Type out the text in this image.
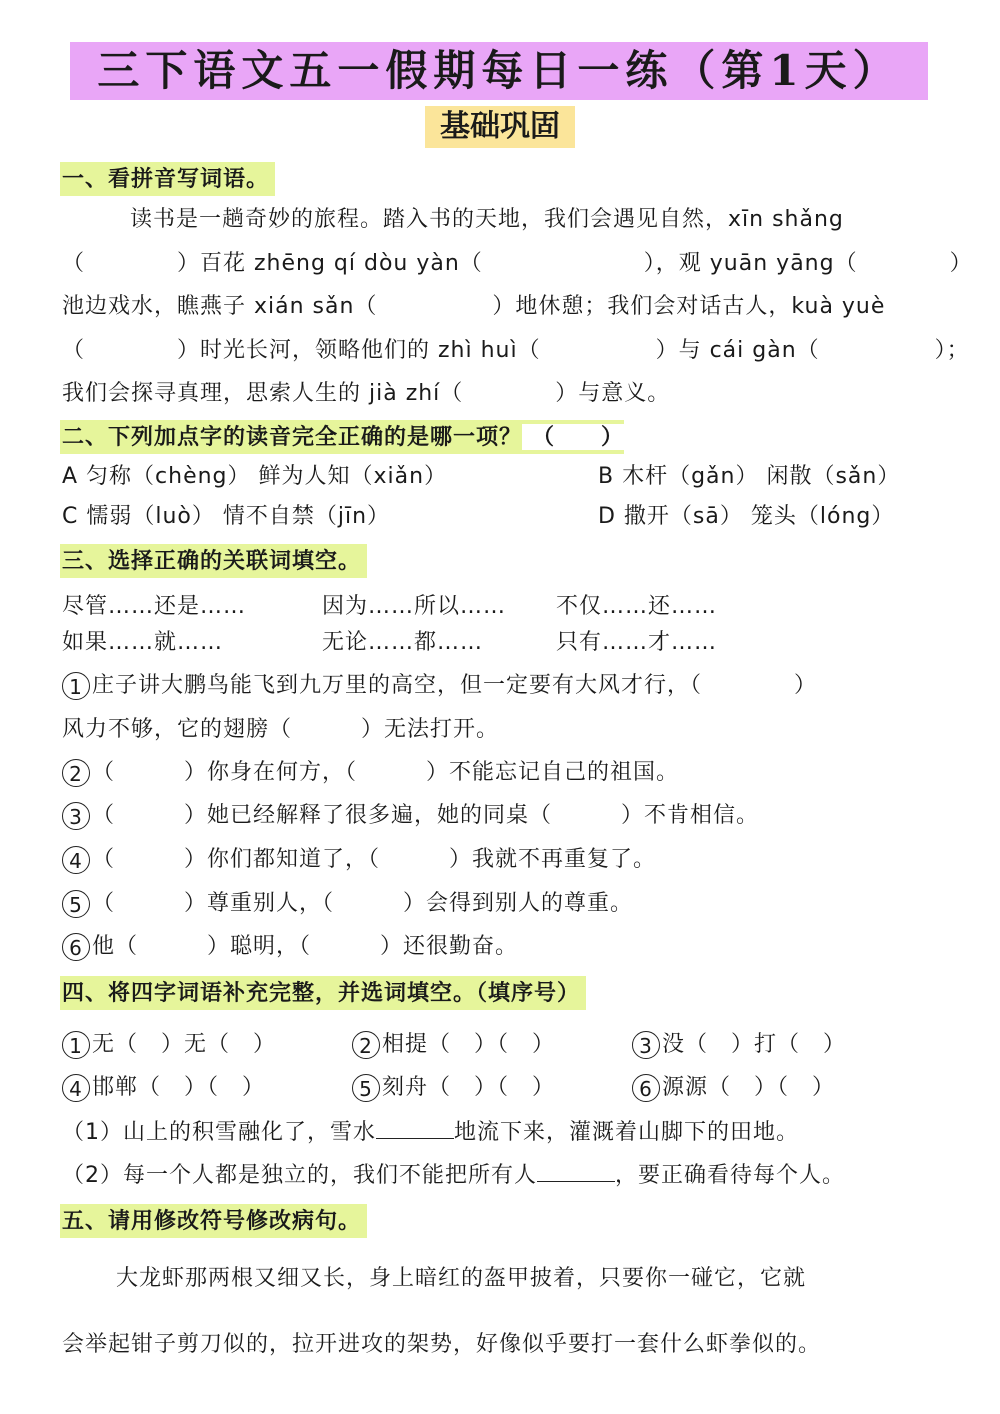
三下语文五一假期每日一练（第1天）
基础巩固
一、看拼音写词语。
读书是一趟奇妙的旅程。踏入书的天地，我们会遇见自然，xīn shǎng
（　　　　）百花 zhēng qí dòu yàn（　　　　　　　），观 yuān yāng（　　　　）
池边戏水，瞧燕子 xián sǎn（　　　　　）地休憩；我们会对话古人，kuà yuè
（　　　　）时光长河，领略他们的 zhì huì（　　　　　）与 cái gàn（　　　　　）；
我们会探寻真理，思索人生的 jià zhí（　　　　）与意义。
二、下列加点字的读音完全正确的是哪一项？ （　　）
A 匀称（chèng） 鲜为人知（xiǎn）	B 木杆（gǎn） 闲散（sǎn）
C 懦弱（luò） 情不自禁（jīn）	D 撒开（sā） 笼头（lóng）
三、选择正确的关联词填空。
尽管……还是……	因为……所以…… 不仅……还……
如果……就……	无论……都……	只有……才……
1 庄子讲大鹏鸟能飞到九万里的高空，但一定要有大风才行，（　　　　）
风力不够，它的翅膀（　　　）无法打开。
2 （　　　）你身在何方，（　　　）不能忘记自己的祖国。
3 （　　　）她已经解释了很多遍，她的同桌（　　　）不肯相信。
4 （　　　）你们都知道了，（　　　）我就不再重复了。
5 （　　　）尊重别人，（　　　）会得到别人的尊重。
6 他（　　　）聪明，（　　　）还很勤奋。
四、将四字词语补充完整，并选词填空。（填序号）
1 无（　）无（　）	2 相提（　）（　）	3 没（　）打（　）
4 邯郸（　）（　）	5 刻舟（　）（　）	6 源源（　）（　）
（1）山上的积雪融化了，雪水	地流下来，灌溉着山脚下的田地。
（2）每一个人都是独立的，我们不能把所有人	，要正确看待每个人。
五、请用修改符号修改病句。
大龙虾那两根又细又长，身上暗红的盔甲披着，只要你一碰它，它就
会举起钳子剪刀似的，拉开进攻的架势，好像似乎要打一套什么虾拳似的。
